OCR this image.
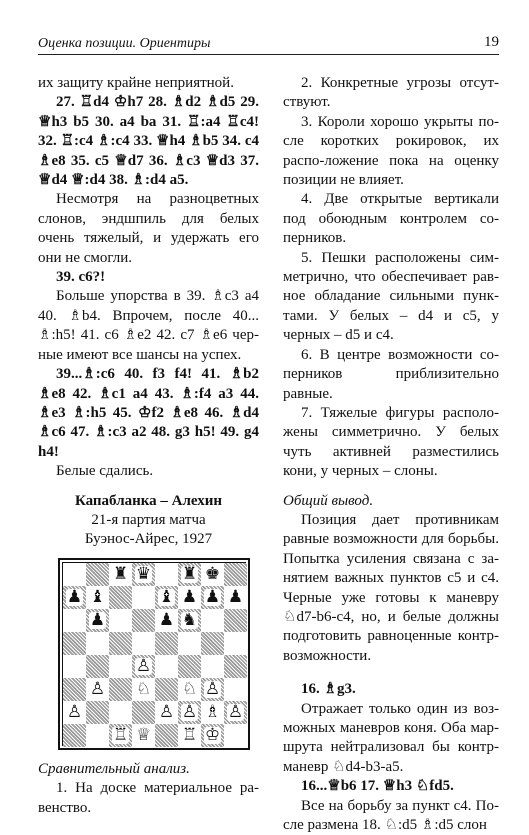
Оценка позиции. Ориентиры	19

их защиту крайне неприятной.

27. ♖d4 ♔h7 28. ♗d2 ♗d5 29. ♕h3 b5 30. a4 ba 31. ♖:a4 ♖c4! 32. ♖:c4 ♗:c4 33. ♕h4 ♗b5 34. c4 ♗e8 35. c5 ♕d7 36. ♗c3 ♕d3 37. ♕d4 ♕:d4 38. ♗:d4 a5.

Несмотря на разноцветных слонов, эндшпиль для белых очень тяжелый, и удержать его они не смогли.

39. c6?!

Больше упорства в 39. ♗c3 a4 40. ♗b4. Впрочем, после 40... ♗:h5! 41. c6 ♗e2 42. c7 ♗e6 чер-ные имеют все шансы на успех.

39...♗:c6 40. f3 f4! 41. ♗b2 ♗e8 42. ♗c1 a4 43. ♗:f4 a3 44. ♗e3 ♗:h5 45. ♔f2 ♗e8 46. ♗d4 ♗c6 47. ♗:c3 a2 48. g3 h5! 49. g4 h4!

Белые сдались.

Капабланка – Алехин

21-я партия матча

Буэнос-Айрес, 1927

♜ ♛ ♜ ♚
♟ ♝	♝ ♟ ♟ ♟
♟	♟ ♞
♙
♙ ♘ ♘ ♙
♙	♙ ♙ ♗ ♙
♖ ♕ ♖ ♔

Сравнительный анализ.

1. На доске материальное ра-венство.

2. Конкретные угрозы отсут-ствуют.

3. Короли хорошо укрыты по-сле коротких рокировок, их распо-ложение пока на оценку позиции не влияет.

4. Две открытые вертикали под обоюдным контролем со-перников.

5. Пешки расположены сим-метрично, что обеспечивает рав-ное обладание сильными пунк-тами. У белых – d4 и c5, у черных – d5 и c4.

6. В центре возможности со-перников приблизительно равные.

7. Тяжелые фигуры располо-жены симметрично. У белых чуть активней разместились кони, у черных – слоны.

Общий вывод.

Позиция дает противникам равные возможности для борьбы. Попытка усиления связана с за-нятием важных пунктов c5 и c4. Черные уже готовы к маневру ♘d7-b6-c4, но, и белые должны подготовить равноценные контр-возможности.

16. ♗g3.

Отражает только один из воз-можных маневров коня. Оба мар-шрута нейтрализовал бы контр-маневр ♘d4-b3-a5.

16...♕b6 17. ♕h3 ♘fd5.

Все на борьбу за пункт c4. По-сле размена 18. ♘:d5 ♗:d5 слон
